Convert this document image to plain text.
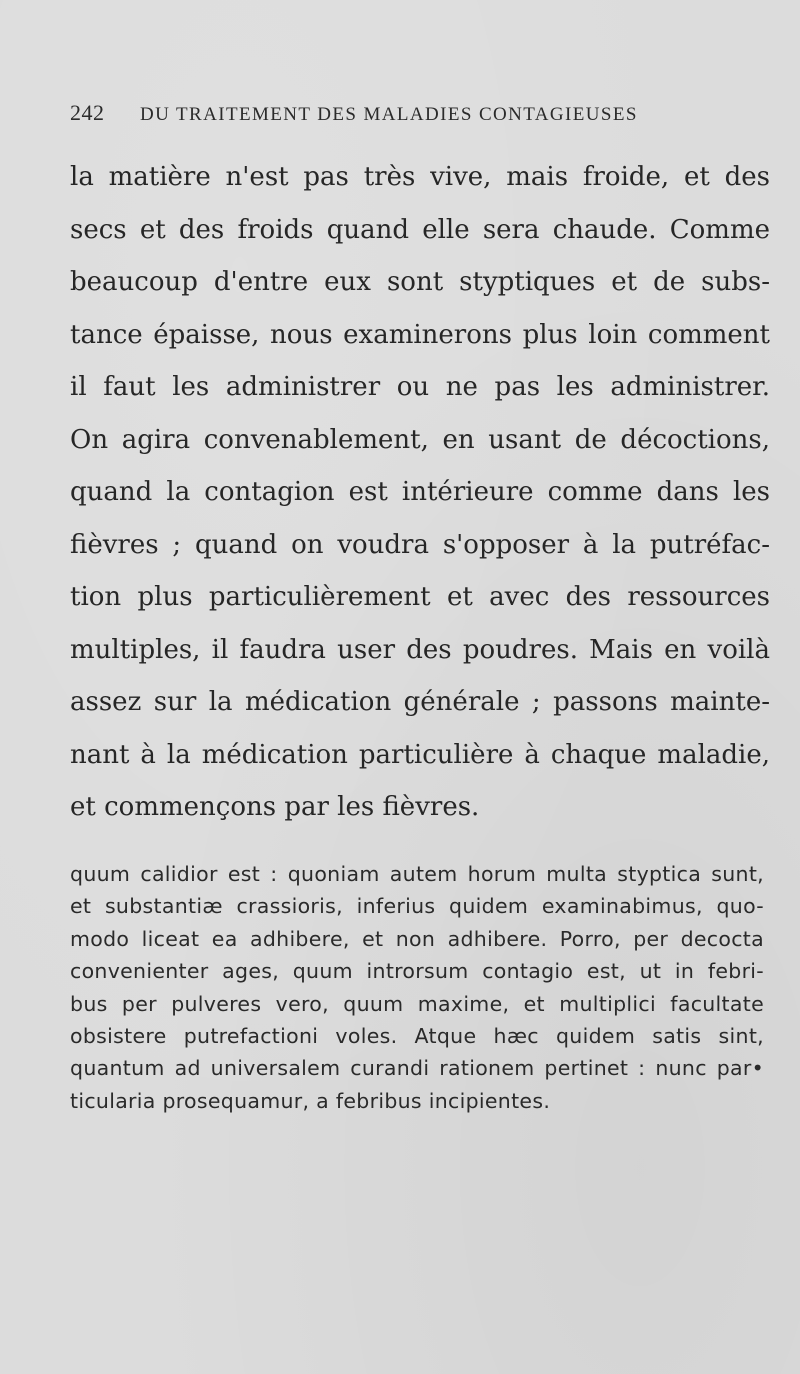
242 DU TRAITEMENT DES MALADIES CONTAGIEUSES
la matière n'est pas très vive, mais froide, et des
secs et des froids quand elle sera chaude. Comme
beaucoup d'entre eux sont styptiques et de subs-
tance épaisse, nous examinerons plus loin comment
il faut les administrer ou ne pas les administrer.
On agira convenablement, en usant de décoctions,
quand la contagion est intérieure comme dans les
fièvres ; quand on voudra s'opposer à la putréfac-
tion plus particulièrement et avec des ressources
multiples, il faudra user des poudres. Mais en voilà
assez sur la médication générale ; passons mainte-
nant à la médication particulière à chaque maladie,
et commençons par les fièvres.
quum calidior est : quoniam autem horum multa styptica sunt,
et substantiæ crassioris, inferius quidem examinabimus, quo-
modo liceat ea adhibere, et non adhibere. Porro, per decocta
convenienter ages, quum introrsum contagio est, ut in febri-
bus per pulveres vero, quum maxime, et multiplici facultate
obsistere putrefactioni voles. Atque hæc quidem satis sint,
quantum ad universalem curandi rationem pertinet : nunc par•
ticularia prosequamur, a febribus incipientes.
